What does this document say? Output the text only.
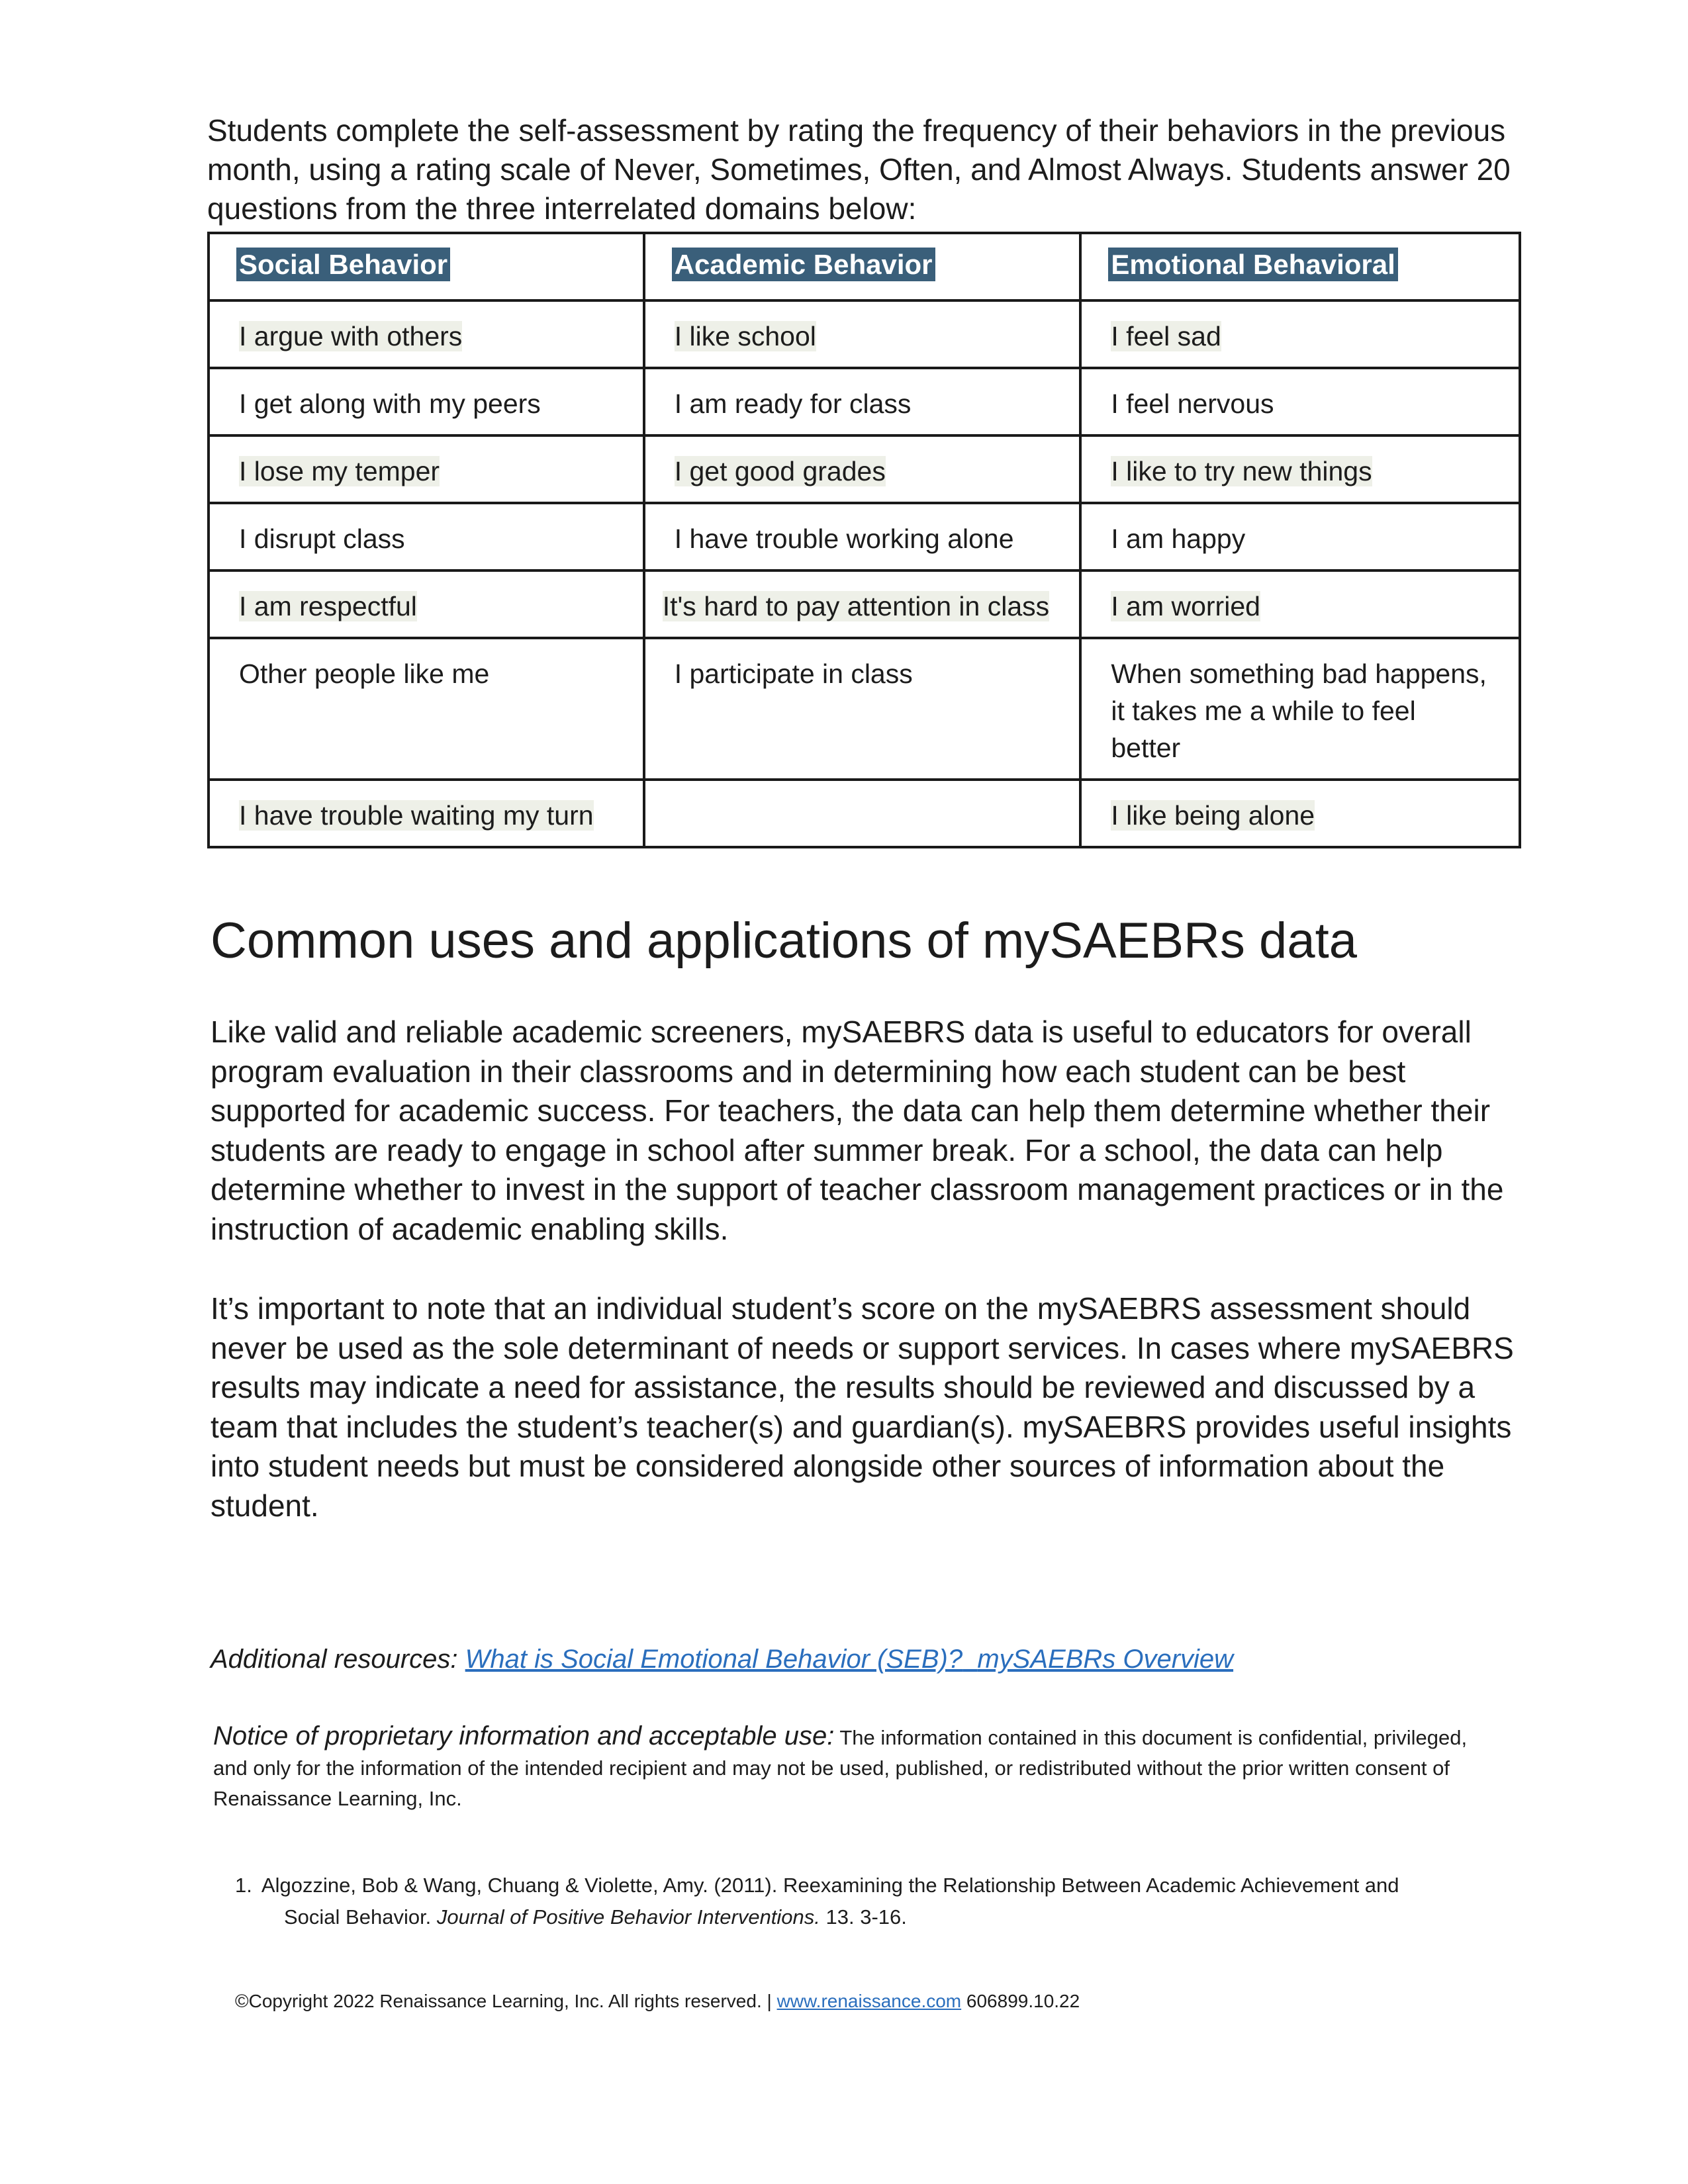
Students complete the self-assessment by rating the frequency of their behaviors in the previous month, using a rating scale of Never, Sometimes, Often, and Almost Always. Students answer 20 questions from the three interrelated domains below:

Social Behavior	Academic Behavior	Emotional Behavioral
I argue with others	I like school	I feel sad
I get along with my peers	I am ready for class	I feel nervous
I lose my temper	I get good grades	I like to try new things
I disrupt class	I have trouble working alone	I am happy
I am respectful	It's hard to pay attention in class	I am worried
Other people like me	I participate in class	When something bad happens, it takes me a while to feel better
I have trouble waiting my turn		I like being alone
Common uses and applications of mySAEBRs data

Like valid and reliable academic screeners, mySAEBRS data is useful to educators for overall program evaluation in their classrooms and in determining how each student can be best supported for academic success. For teachers, the data can help them determine whether their students are ready to engage in school after summer break. For a school, the data can help determine whether to invest in the support of teacher classroom management practices or in the instruction of academic enabling skills.

It’s important to note that an individual student’s score on the mySAEBRS assessment should never be used as the sole determinant of needs or support services. In cases where mySAEBRS results may indicate a need for assistance, the results should be reviewed and discussed by a team that includes the student’s teacher(s) and guardian(s). mySAEBRS provides useful insights into student needs but must be considered alongside other sources of information about the student.

Additional resources: What is Social Emotional Behavior (SEB)? mySAEBRs Overview

Notice of proprietary information and acceptable use: The information contained in this document is confidential, privileged, and only for the information of the intended recipient and may not be used, published, or redistributed without the prior written consent of Renaissance Learning, Inc.

1. Algozzine, Bob & Wang, Chuang & Violette, Amy. (2011). Reexamining the Relationship Between Academic Achievement and
Social Behavior. Journal of Positive Behavior Interventions. 13. 3-16.

©Copyright 2022 Renaissance Learning, Inc. All rights reserved. | www.renaissance.com 606899.10.22
